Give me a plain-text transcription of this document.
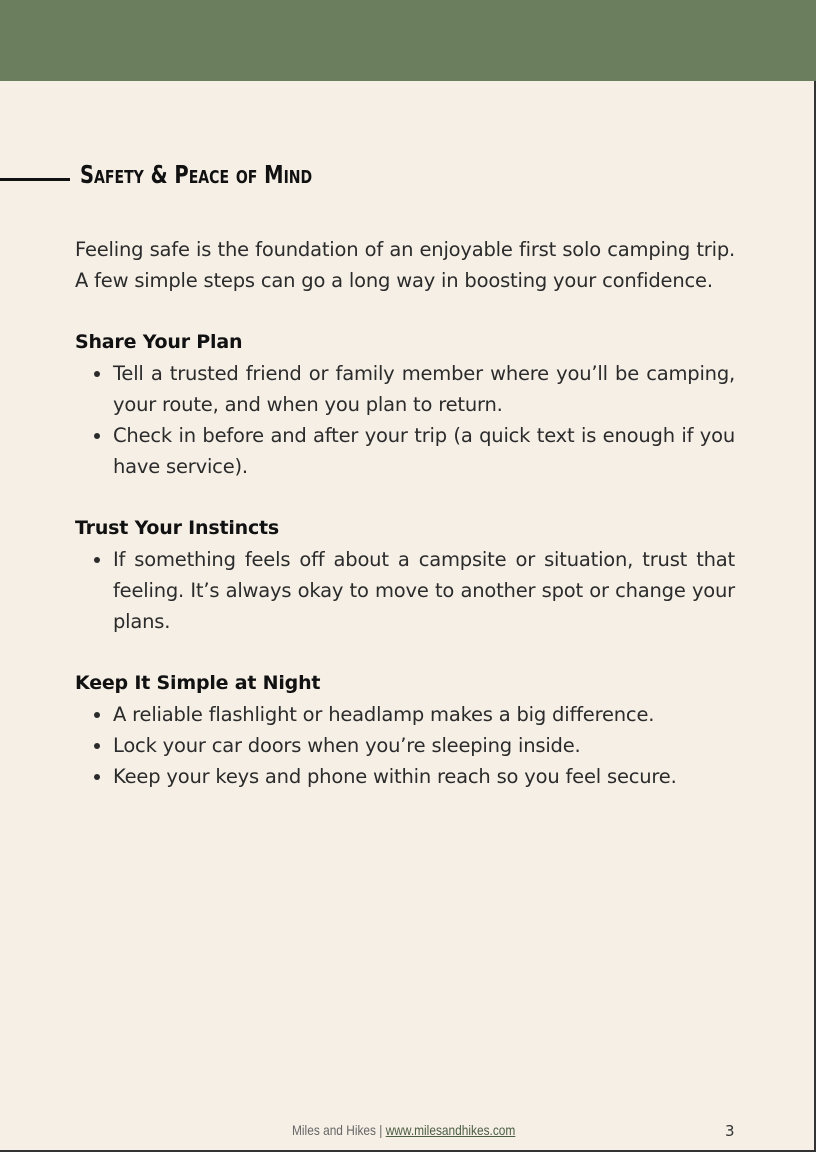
Safety & Peace of Mind

Feeling safe is the foundation of an enjoyable first solo camping trip. A few simple steps can go a long way in boosting your confidence.

Share Your Plan
• Tell a trusted friend or family member where you’ll be camping, your route, and when you plan to return.
• Check in before and after your trip (a quick text is enough if you have service).
Trust Your Instincts
• If something feels off about a campsite or situation, trust that feeling. It’s always okay to move to another spot or change your plans.
Keep It Simple at Night
• A reliable flashlight or headlamp makes a big difference.
• Lock your car doors when you’re sleeping inside.
• Keep your keys and phone within reach so you feel secure.
Miles and Hikes | www.milesandhikes.com	3
